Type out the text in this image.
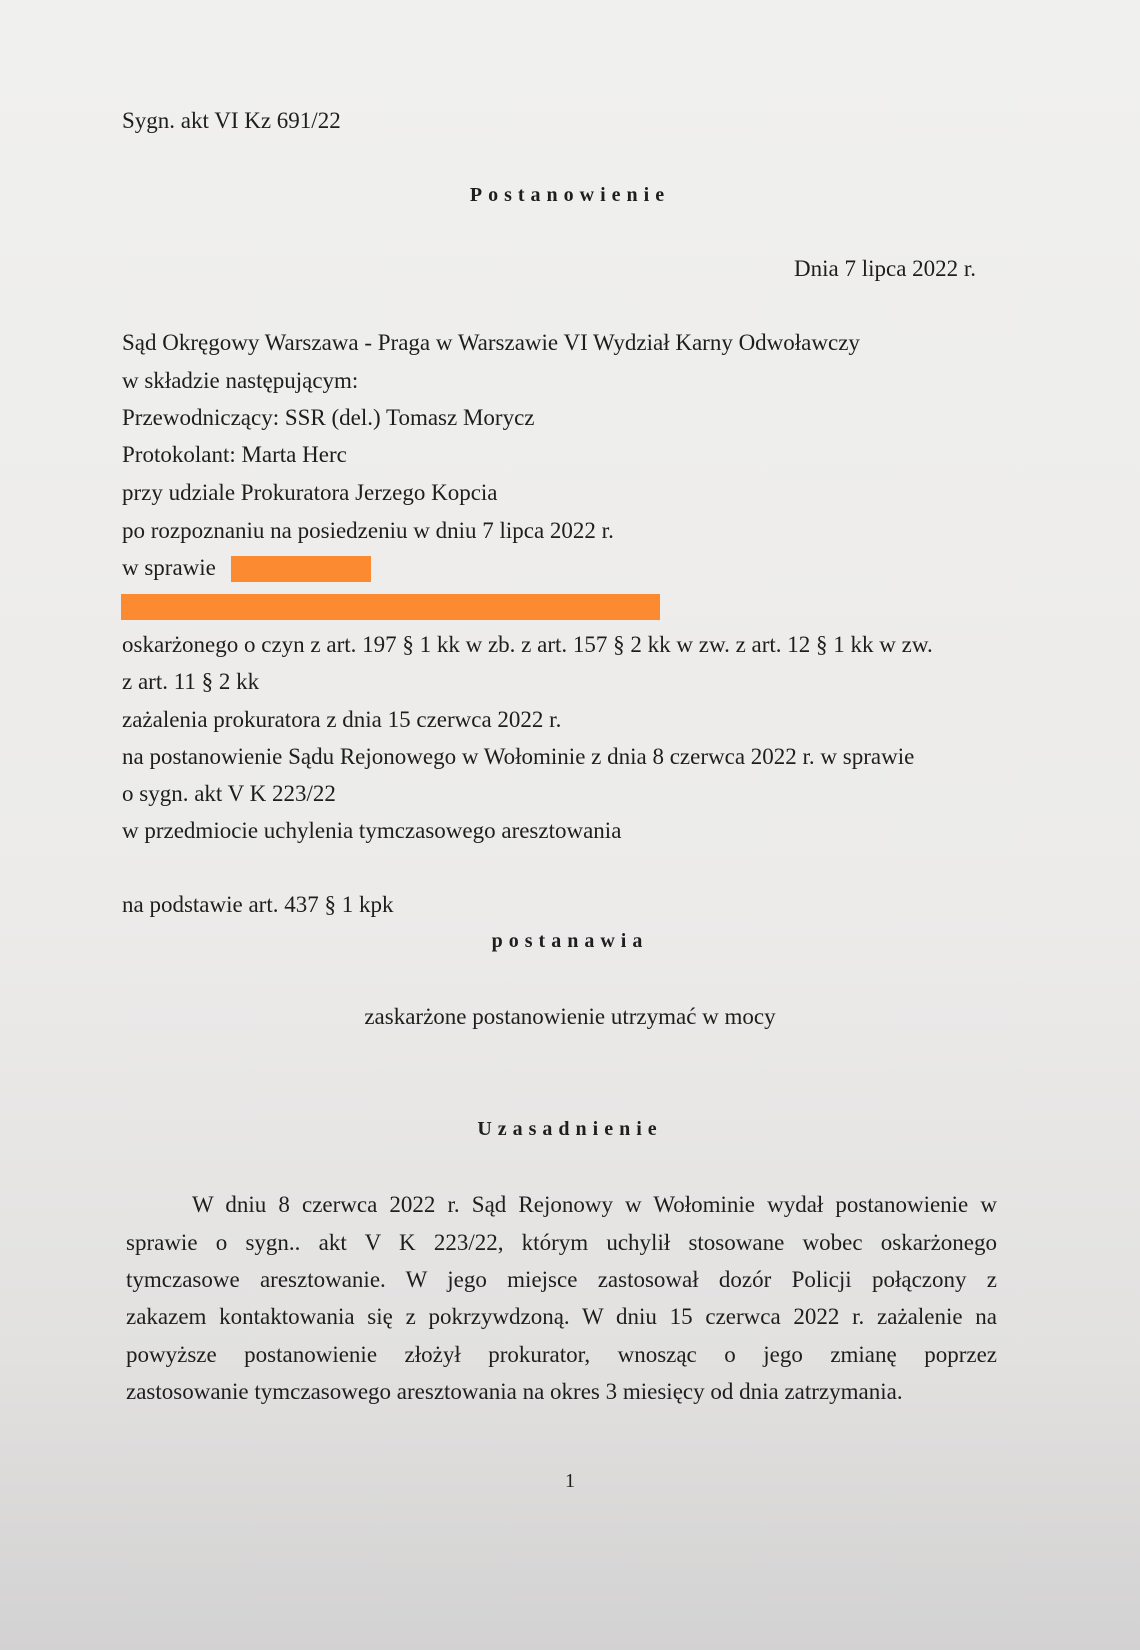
Sygn. akt VI Kz 691/22
Postanowienie
Dnia 7 lipca 2022 r.
Sąd Okręgowy Warszawa - Praga w Warszawie VI Wydział Karny Odwoławczy
w składzie następującym:
Przewodniczący: SSR (del.) Tomasz Morycz
Protokolant: Marta Herc
przy udziale Prokuratora Jerzego Kopcia
po rozpoznaniu na posiedzeniu w dniu 7 lipca 2022 r.
w sprawie
oskarżonego o czyn z art. 197 § 1 kk w zb. z art. 157 § 2 kk w zw. z art. 12 § 1 kk w zw.
z art. 11 § 2 kk
zażalenia prokuratora z dnia 15 czerwca 2022 r.
na postanowienie Sądu Rejonowego w Wołominie z dnia 8 czerwca 2022 r. w sprawie
o sygn. akt V K 223/22
w przedmiocie uchylenia tymczasowego aresztowania
na podstawie art. 437 § 1 kpk
postanawia
zaskarżone postanowienie utrzymać w mocy
Uzasadnienie
W dniu 8 czerwca 2022 r. Sąd Rejonowy w Wołominie wydał postanowienie w
sprawie o sygn.. akt V K 223/22, którym uchylił stosowane wobec oskarżonego
tymczasowe aresztowanie. W jego miejsce zastosował dozór Policji połączony z
zakazem kontaktowania się z pokrzywdzoną. W dniu 15 czerwca 2022 r. zażalenie na
powyższe postanowienie złożył prokurator, wnosząc o jego zmianę poprzez
zastosowanie tymczasowego aresztowania na okres 3 miesięcy od dnia zatrzymania.
1
